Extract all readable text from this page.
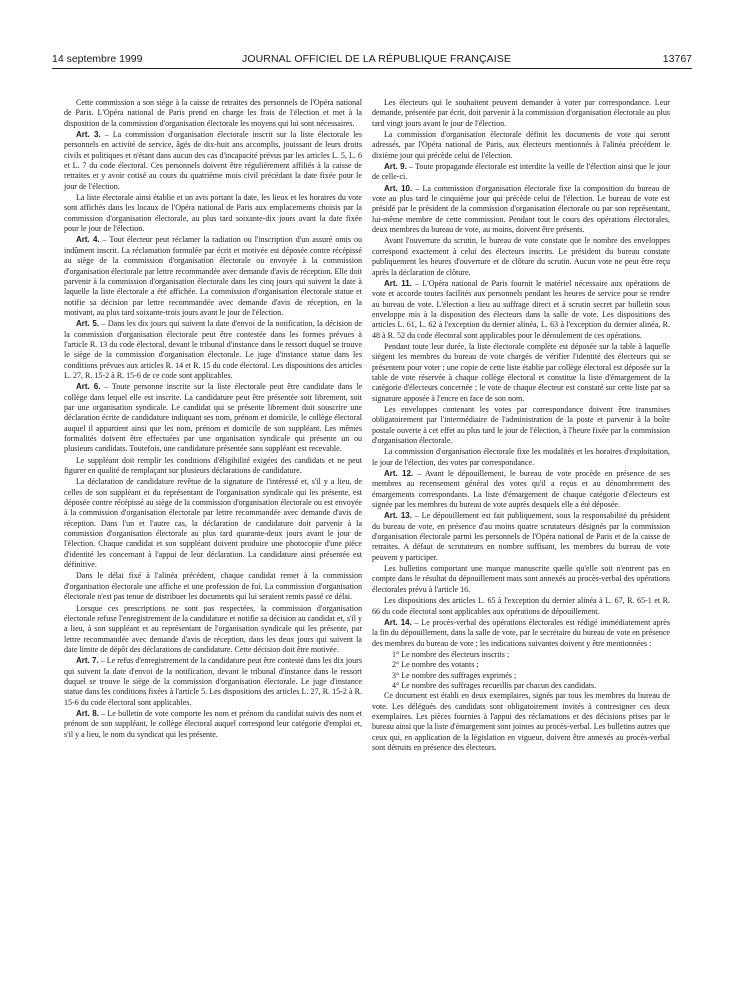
14 septembre 1999	JOURNAL OFFICIEL DE LA RÉPUBLIQUE FRANÇAISE	13767

Cette commission a son siège à la caisse de retraites des personnels de l'Opéra national de Paris. L'Opéra national de Paris prend en charge les frais de l'élection et met à la disposition de la commission d'organisation électorale les moyens qui lui sont nécessaires.

Art. 3. – La commission d'organisation électorale inscrit sur la liste électorale les personnels en activité de service, âgés de dix-huit ans accomplis, jouissant de leurs droits civils et politiques et n'étant dans aucun des cas d'incapacité prévus par les articles L. 5, L. 6 et L. 7 du code électoral. Ces personnels doivent être régulièrement affiliés à la caisse de retraites et y avoir cotisé au cours du quatrième mois civil précédant la date fixée pour le jour de l'élection.

La liste électorale ainsi établie et un avis portant la date, les lieux et les horaires du vote sont affichés dans les locaux de l'Opéra national de Paris aux emplacements choisis par la commission d'organisation électorale, au plus tard soixante-dix jours avant la date fixée pour le jour de l'élection.

Art. 4. – Tout électeur peut réclamer la radiation ou l'inscription d'un assuré omis ou indûment inscrit. La réclamation formulée par écrit et motivée est déposée contre récépissé au siège de la commission d'organisation électorale ou envoyée à la commission d'organisation électorale par lettre recommandée avec demande d'avis de réception. Elle doit parvenir à la commission d'organisation électorale dans les cinq jours qui suivent la date à laquelle la liste électorale a été affichée. La commission d'organisation électorale statue et notifie sa décision par lettre recommandée avec demande d'avis de réception, en la motivant, au plus tard soixante-trois jours avant le jour de l'élection.

Art. 5. – Dans les dix jours qui suivent la date d'envoi de la notification, la décision de la commission d'organisation électorale peut être contestée dans les formes prévues à l'article R. 13 du code électoral, devant le tribunal d'instance dans le ressort duquel se trouve le siège de la commission d'organisation électorale. Le juge d'instance statue dans les conditions prévues aux articles R. 14 et R. 15 du code électoral. Les dispositions des articles L. 27, R. 15-2 à R. 15-6 de ce code sont applicables.

Art. 6. – Toute personne inscrite sur la liste électorale peut être candidate dans le collège dans lequel elle est inscrite. La candidature peut être présentée soit librement, soit par une organisation syndicale. Le candidat qui se présente librement doit souscrire une déclaration écrite de candidature indiquant ses nom, prénom et domicile, le collège électoral auquel il appartient ainsi que les nom, prénom et domicile de son suppléant. Les mêmes formalités doivent être effectuées par une organisation syndicale qui présente un ou plusieurs candidats. Toutefois, une candidature présentée sans suppléant est recevable.

Le suppléant doit remplir les conditions d'éligibilité exigées des candidats et ne peut figurer en qualité de remplaçant sur plusieurs déclarations de candidature.

La déclaration de candidature revêtue de la signature de l'intéressé et, s'il y a lieu, de celles de son suppléant et du représentant de l'organisation syndicale qui les présente, est déposée contre récépissé au siège de la commission d'organisation électorale ou est envoyée à la commission d'organisation électorale par lettre recommandée avec demande d'avis de réception. Dans l'un et l'autre cas, la déclaration de candidature doit parvenir à la commission d'organisation électorale au plus tard quarante-deux jours avant le jour de l'élection. Chaque candidat et son suppléant doivent produire une photocopie d'une pièce d'identité les concernant à l'appui de leur déclaration. La candidature ainsi présentée est définitive.

Dans le délai fixé à l'alinéa précédent, chaque candidat remet à la commission d'organisation électorale une affiche et une profession de foi. La commission d'organisation électorale n'est pas tenue de distribuer les documents qui lui seraient remis passé ce délai.

Lorsque ces prescriptions ne sont pas respectées, la commission d'organisation électorale refuse l'enregistrement de la candidature et notifie sa décision au candidat et, s'il y a lieu, à son suppléant et au représentant de l'organisation syndicale qui les présente, par lettre recommandée avec demande d'avis de réception, dans les deux jours qui suivent la date limite de dépôt des déclarations de candidature. Cette décision doit être motivée.

Art. 7. – Le refus d'enregistrement de la candidature peut être contesté dans les dix jours qui suivent la date d'envoi de la notification, devant le tribunal d'instance dans le ressort duquel se trouve le siège de la commission d'organisation électorale. Le juge d'instance statue dans les conditions fixées à l'article 5. Les dispositions des articles L. 27, R. 15-2 à R. 15-6 du code électoral sont applicables.

Art. 8. – Le bulletin de vote comporte les nom et prénom du candidat suivis des nom et prénom de son suppléant, le collège électoral auquel correspond leur catégorie d'emploi et, s'il y a lieu, le nom du syndicat qui les présente.

Les électeurs qui le souhaitent peuvent demander à voter par correspondance. Leur demande, présentée par écrit, doit parvenir à la commission d'organisation électorale au plus tard vingt jours avant le jour de l'élection.

La commission d'organisation électorale définit les documents de vote qui seront adressés, par l'Opéra national de Paris, aux électeurs mentionnés à l'alinéa précédent le dixième jour qui précède celui de l'élection.

Art. 9. – Toute propagande électorale est interdite la veille de l'élection ainsi que le jour de celle-ci.

Art. 10. – La commission d'organisation électorale fixe la composition du bureau de vote au plus tard le cinquième jour qui précède celui de l'élection. Le bureau de vote est présidé par le président de la commission d'organisation électorale ou par son représentant, lui-même membre de cette commission. Pendant tout le cours des opérations électorales, deux membres du bureau de vote, au moins, doivent être présents.

Avant l'ouverture du scrutin, le bureau de vote constate que le nombre des enveloppes correspond exactement à celui des électeurs inscrits. Le président du bureau constate publiquement les heures d'ouverture et de clôture du scrutin. Aucun vote ne peut être reçu après la déclaration de clôture.

Art. 11. – L'Opéra national de Paris fournit le matériel nécessaire aux opérations de vote et accorde toutes facilités aux personnels pendant les heures de service pour se rendre au bureau de vote. L'élection a lieu au suffrage direct et à scrutin secret par bulletin sous enveloppe mis à la disposition des électeurs dans la salle de vote. Les dispositions des articles L. 61, L. 62 à l'exception du dernier alinéa, L. 63 à l'exception du dernier alinéa, R. 48 à R. 52 du code électoral sont applicables pour le déroulement de ces opérations.

Pendant toute leur durée, la liste électorale complète est déposée sur la table à laquelle siègent les membres du bureau de vote chargés de vérifier l'identité des électeurs qui se présentent pour voter ; une copie de cette liste établie par collège électoral est déposée sur la table de vote réservée à chaque collège électoral et constitue la liste d'émargement de la catégorie d'électeurs concernée ; le vote de chaque électeur est constaté sur cette liste par sa signature apposée à l'encre en face de son nom.

Les enveloppes contenant les votes par correspondance doivent être transmises obligatoirement par l'intermédiaire de l'administration de la poste et parvenir à la boîte postale ouverte à cet effet au plus tard le jour de l'élection, à l'heure fixée par la commission d'organisation électorale.

La commission d'organisation électorale fixe les modalités et les horaires d'exploitation, le jour de l'élection, des votes par correspondance.

Art. 12. – Avant le dépouillement, le bureau de vote procède en présence de ses membres au recensement général des votes qu'il a reçus et au dénombrement des émargements correspondants. La liste d'émargement de chaque catégorie d'électeurs est signée par les membres du bureau de vote auprès desquels elle a été déposée.

Art. 13. – Le dépouillement est fait publiquement, sous la responsabilité du président du bureau de vote, en présence d'au moins quatre scrutateurs désignés par la commission d'organisation électorale parmi les personnels de l'Opéra national de Paris et de la caisse de retraites. A défaut de scrutateurs en nombre suffisant, les membres du bureau de vote peuvent y participer.

Les bulletins comportant une marque manuscrite quelle qu'elle soit n'entrent pas en compte dans le résultat du dépouillement mais sont annexés au procès-verbal des opérations électorales prévu à l'article 16.

Les dispositions des articles L. 65 à l'exception du dernier alinéa à L. 67, R. 65-1 et R. 66 du code électoral sont applicables aux opérations de dépouillement.

Art. 14. – Le procès-verbal des opérations électorales est rédigé immédiatement après la fin du dépouillement, dans la salle de vote, par le secrétaire du bureau de vote en présence des membres du bureau de vote ; les indications suivantes doivent y être mentionnées :

1° Le nombre des électeurs inscrits ;

2° Le nombre des votants ;

3° Le nombre des suffrages exprimés ;

4° Le nombre des suffrages recueillis par chacun des candidats.

Ce document est établi en deux exemplaires, signés par tous les membres du bureau de vote. Les délégués des candidats sont obligatoirement invités à contresigner ces deux exemplaires. Les pièces fournies à l'appui des réclamations et des décisions prises par le bureau ainsi que la liste d'émargement sont jointes au procès-verbal. Les bulletins autres que ceux qui, en application de la législation en vigueur, doivent être annexés au procès-verbal sont détruits en présence des électeurs.
